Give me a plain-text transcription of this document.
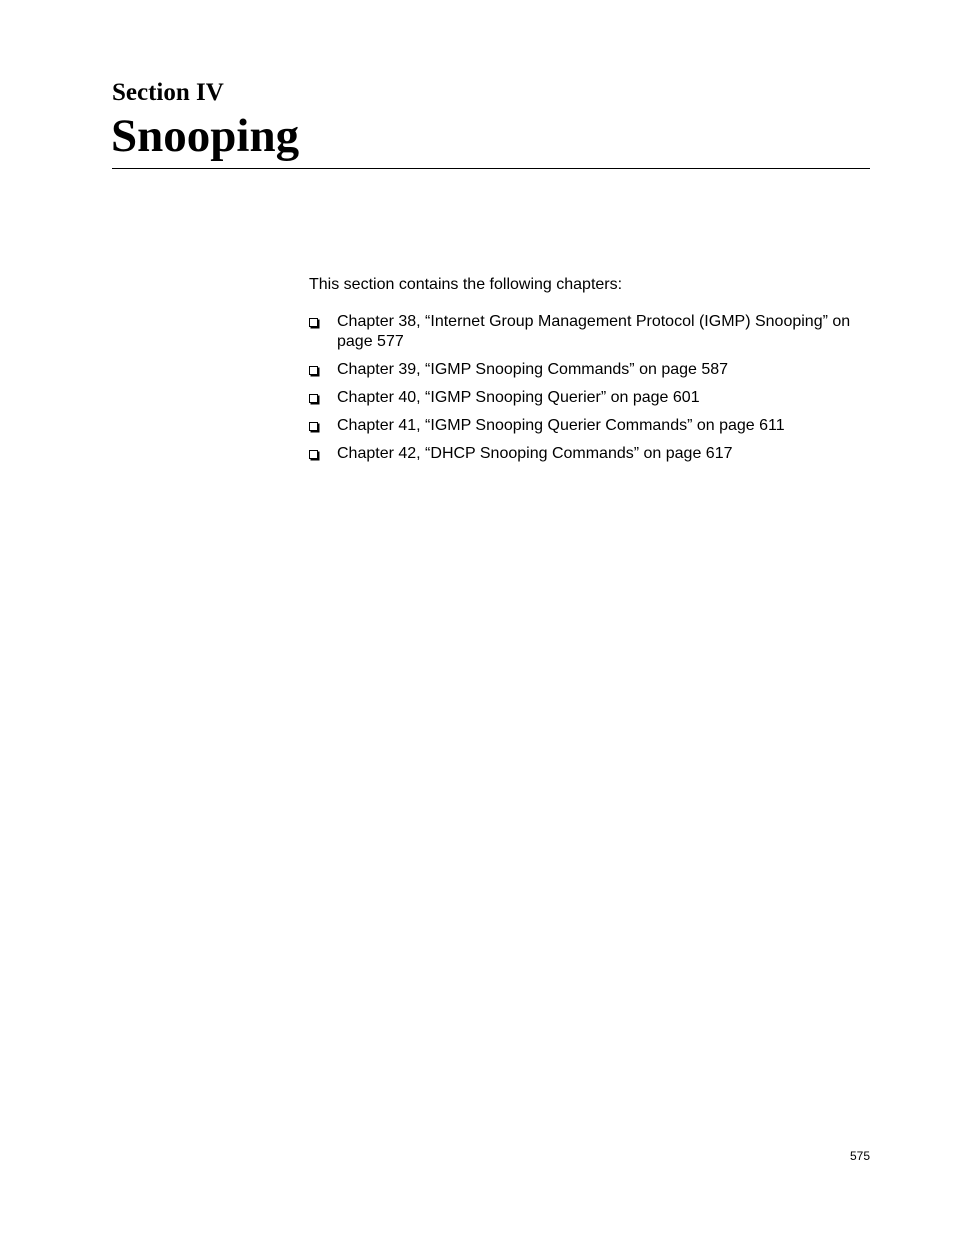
Section IV
Snooping
This section contains the following chapters:
Chapter 38, “Internet Group Management Protocol (IGMP) Snooping” on page 577
Chapter 39, “IGMP Snooping Commands” on page 587
Chapter 40, “IGMP Snooping Querier” on page 601
Chapter 41, “IGMP Snooping Querier Commands” on page 611
Chapter 42, “DHCP Snooping Commands” on page 617
575
